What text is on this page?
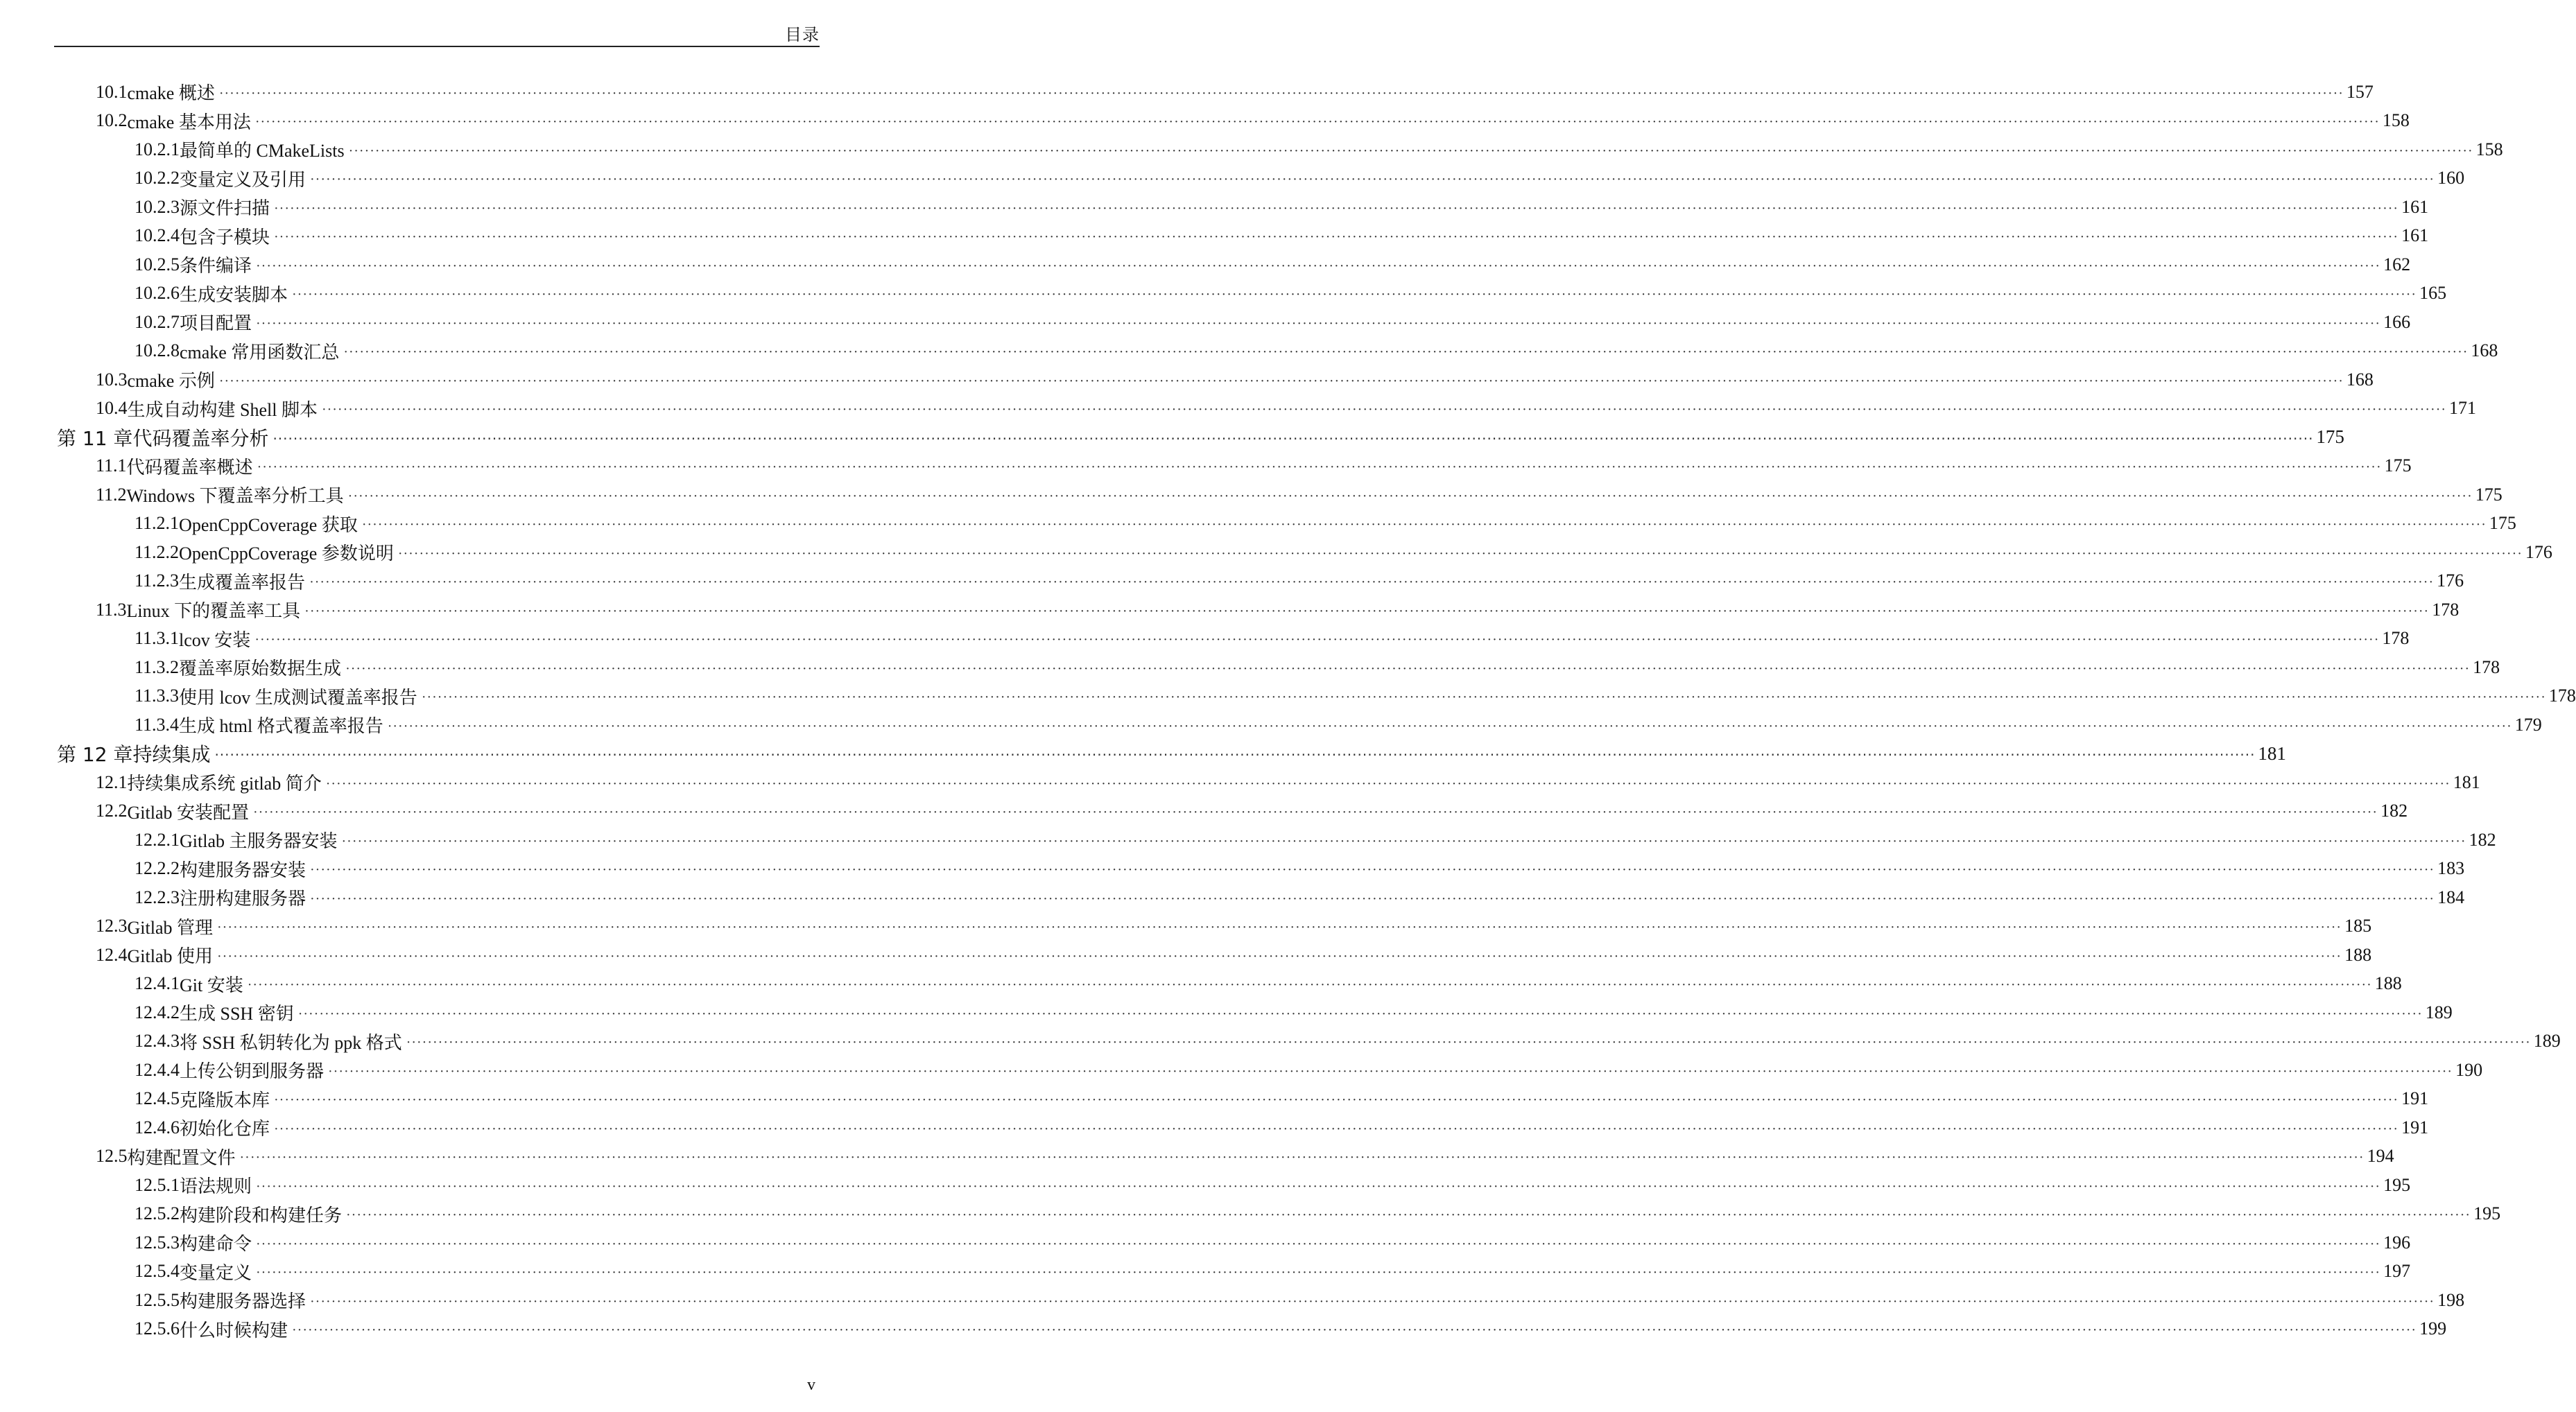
目录
10.1 cmake 概述 ················································································································································································································································································································································································································ 157
10.2 cmake 基本用法 ················································································································································································································································································································································································································ 158
10.2.1 最简单的 CMakeLists ················································································································································································································································································································································································································ 158
10.2.2 变量定义及引用 ················································································································································································································································································································································································································ 160
10.2.3 源文件扫描 ················································································································································································································································································································································································································ 161
10.2.4 包含子模块 ················································································································································································································································································································································································································ 161
10.2.5 条件编译 ················································································································································································································································································································································································································ 162
10.2.6 生成安装脚本 ················································································································································································································································································································································································································ 165
10.2.7 项目配置 ················································································································································································································································································································································································································ 166
10.2.8 cmake 常用函数汇总 ················································································································································································································································································································································································································ 168
10.3 cmake 示例 ················································································································································································································································································································································································································ 168
10.4 生成自动构建 Shell 脚本 ················································································································································································································································································································································································································ 171
第 11 章 代码覆盖率分析 ················································································································································································································································································································································································································ 175
11.1 代码覆盖率概述 ················································································································································································································································································································································································································ 175
11.2 Windows 下覆盖率分析工具 ················································································································································································································································································································································································································ 175
11.2.1 OpenCppCoverage 获取 ················································································································································································································································································································································································································ 175
11.2.2 OpenCppCoverage 参数说明 ················································································································································································································································································································································································································ 176
11.2.3 生成覆盖率报告 ················································································································································································································································································································································································································ 176
11.3 Linux 下的覆盖率工具 ················································································································································································································································································································································································································ 178
11.3.1 lcov 安装 ················································································································································································································································································································································································································ 178
11.3.2 覆盖率原始数据生成 ················································································································································································································································································································································································································ 178
11.3.3 使用 lcov 生成测试覆盖率报告 ················································································································································································································································································································································································································ 178
11.3.4 生成 html 格式覆盖率报告 ················································································································································································································································································································································································································ 179
第 12 章 持续集成 ················································································································································································································································································································································································································ 181
12.1 持续集成系统 gitlab 简介 ················································································································································································································································································································································································································ 181
12.2 Gitlab 安装配置 ················································································································································································································································································································································································································ 182
12.2.1 Gitlab 主服务器安装 ················································································································································································································································································································································································································ 182
12.2.2 构建服务器安装 ················································································································································································································································································································································································································ 183
12.2.3 注册构建服务器 ················································································································································································································································································································································································································ 184
12.3 Gitlab 管理 ················································································································································································································································································································································································································ 185
12.4 Gitlab 使用 ················································································································································································································································································································································································································ 188
12.4.1 Git 安装 ················································································································································································································································································································································································································ 188
12.4.2 生成 SSH 密钥 ················································································································································································································································································································································································································ 189
12.4.3 将 SSH 私钥转化为 ppk 格式 ················································································································································································································································································································································································································ 189
12.4.4 上传公钥到服务器 ················································································································································································································································································································································································································ 190
12.4.5 克隆版本库 ················································································································································································································································································································································································································ 191
12.4.6 初始化仓库 ················································································································································································································································································································································································································ 191
12.5 构建配置文件 ················································································································································································································································································································································································································ 194
12.5.1 语法规则 ················································································································································································································································································································································································································ 195
12.5.2 构建阶段和构建任务 ················································································································································································································································································································································································································ 195
12.5.3 构建命令 ················································································································································································································································································································································································································ 196
12.5.4 变量定义 ················································································································································································································································································································································································································ 197
12.5.5 构建服务器选择 ················································································································································································································································································································································································································ 198
12.5.6 什么时候构建 ················································································································································································································································································································································································································ 199
v
